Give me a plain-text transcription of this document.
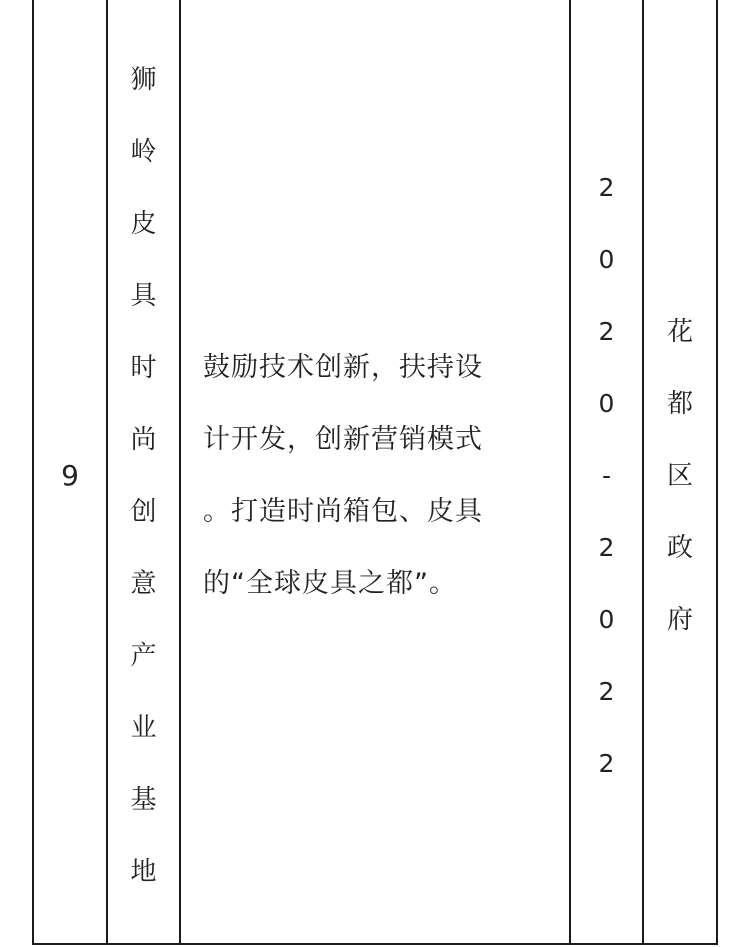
9
狮
岭
皮
具
时
尚
创
意
产
业
基
地
鼓励技术创新，扶持设
计开发，创新营销模式
。打造时尚箱包、皮具
的“全球皮具之都”。
2
0
2
0
-
2
0
2
2
花
都
区
政
府
